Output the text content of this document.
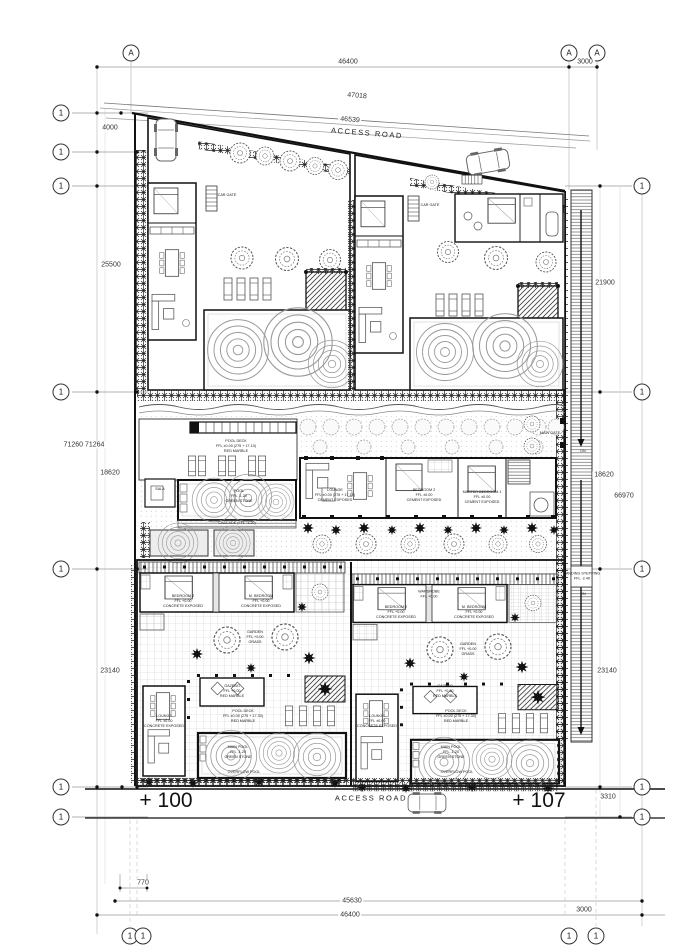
A	A	A
1
1
1
1
1
1
1
1
1
1
1
1
1	1	1	1
46400	3000
47018
46539
ACCESS ROAD
4000
25500
71260 71264
18620
23140
770
21900
18620
66970
23140
3310
45630
46400
3000
+ 100	ACCESS ROAD	+ 107
POOL DECK
FFL ±0.00 (275 + 17.10)
RED MARBLE
SALA
POOL
FFL -1.20
GREEN STONE
CASCADE (FFL -1.20)
LOUNGE
FFL ±0.00 (275 + 17.15)
CEMENT EXPOSED
BEDROOM 2
FFL ±0.00
CEMENT EXPOSED
MASTER BEDROOM 1
FFL ±0.00
CEMENT EXPOSED
MAIN GATE
CAR GATE
CAR GATE
LANDING STEPPING
FFL -2.40
DN
DN
BEDROOM 2
FFL +0.00
CONCRETE EXPOSED
M. BEDROOM
FFL +0.00
CONCRETE EXPOSED	BEDROOM 2
FFL +0.00
CONCRETE EXPOSED
M. BEDROOM
FFL +0.00
CONCRETE EXPOSED
WARDROBE
FFL +0.00
GARDEN
FFL +0.00
GRASS
GARDEN
FFL +0.00
GRASS
LOUNGE
FFL ±0.00
CONCRETE EXPOSED
LOUNGE
FFL ±0.00
CONCRETE EXPOSED
GAZEBO
FFL +0.00
RED MARBLE
GAZEBO
FFL +0.00
RED MARBLE
POOL DECK
FFL ±0.00 (275 + 17.30)
RED MARBLE
POOL DECK
FFL ±0.00 (275 + 17.30)
RED MARBLE
MAIN POOL
FFL -1.20
GREEN STONE
MAIN POOL
FFL -1.20
GREEN STONE
OVERFLOW POOL	OVERFLOW POOL
